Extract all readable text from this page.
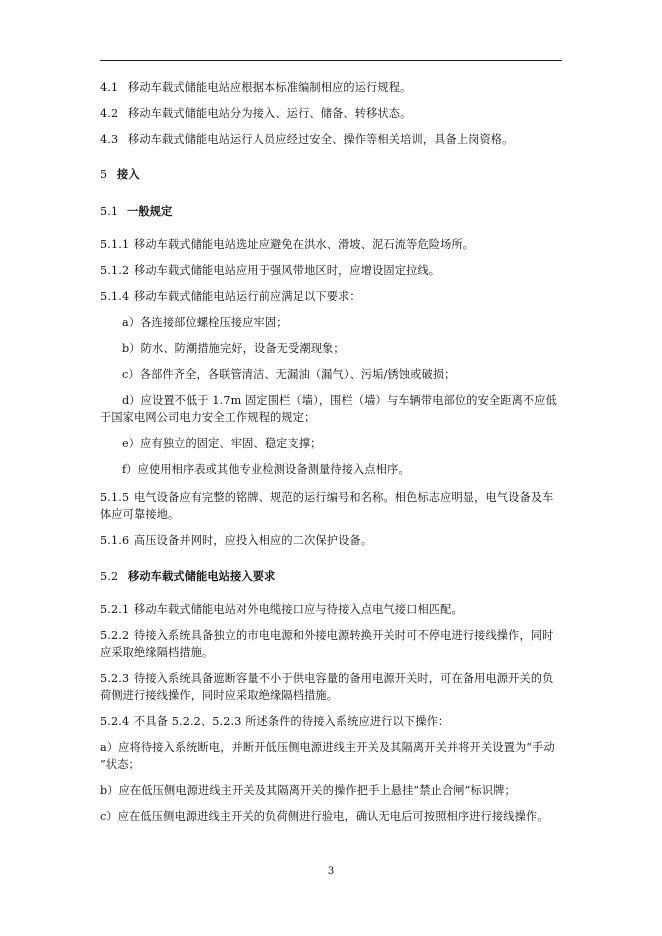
4.1 移动车载式储能电站应根据本标准编制相应的运行规程。
4.2 移动车载式储能电站分为接入、运行、储备、转移状态。
4.3 移动车载式储能电站运行人员应经过安全、操作等相关培训，具备上岗资格。
5 接入
5.1 一般规定
5.1.1 移动车载式储能电站选址应避免在洪水、滑坡、泥石流等危险场所。
5.1.2 移动车载式储能电站应用于强风带地区时，应增设固定拉线。
5.1.4 移动车载式储能电站运行前应满足以下要求：
a）各连接部位螺栓压接应牢固；
b）防水、防潮措施完好，设备无受潮现象；
c）各部件齐全，各联管清洁、无漏油（漏气）、污垢/锈蚀或破损；
d）应设置不低于 1.7m 固定围栏（墙），围栏（墙）与车辆带电部位的安全距离不应低
于国家电网公司电力安全工作规程的规定；
e）应有独立的固定、牢固、稳定支撑；
f）应使用相序表或其他专业检测设备测量待接入点相序。
5.1.5 电气设备应有完整的铭牌、规范的运行编号和名称。相色标志应明显，电气设备及车
体应可靠接地。
5.1.6 高压设备并网时，应投入相应的二次保护设备。
5.2 移动车载式储能电站接入要求
5.2.1 移动车载式储能电站对外电缆接口应与待接入点电气接口相匹配。
5.2.2 待接入系统具备独立的市电电源和外接电源转换开关时可不停电进行接线操作，同时
应采取绝缘隔档措施。
5.2.3 待接入系统具备遮断容量不小于供电容量的备用电源开关时，可在备用电源开关的负
荷侧进行接线操作，同时应采取绝缘隔档措施。
5.2.4 不具备 5.2.2、5.2.3 所述条件的待接入系统应进行以下操作：
a）应将待接入系统断电，并断开低压侧电源进线主开关及其隔离开关并将开关设置为“手动
”状态；
b）应在低压侧电源进线主开关及其隔离开关的操作把手上悬挂“禁止合闸”标识牌；
c）应在低压侧电源进线主开关的负荷侧进行验电，确认无电后可按照相序进行接线操作。
3
